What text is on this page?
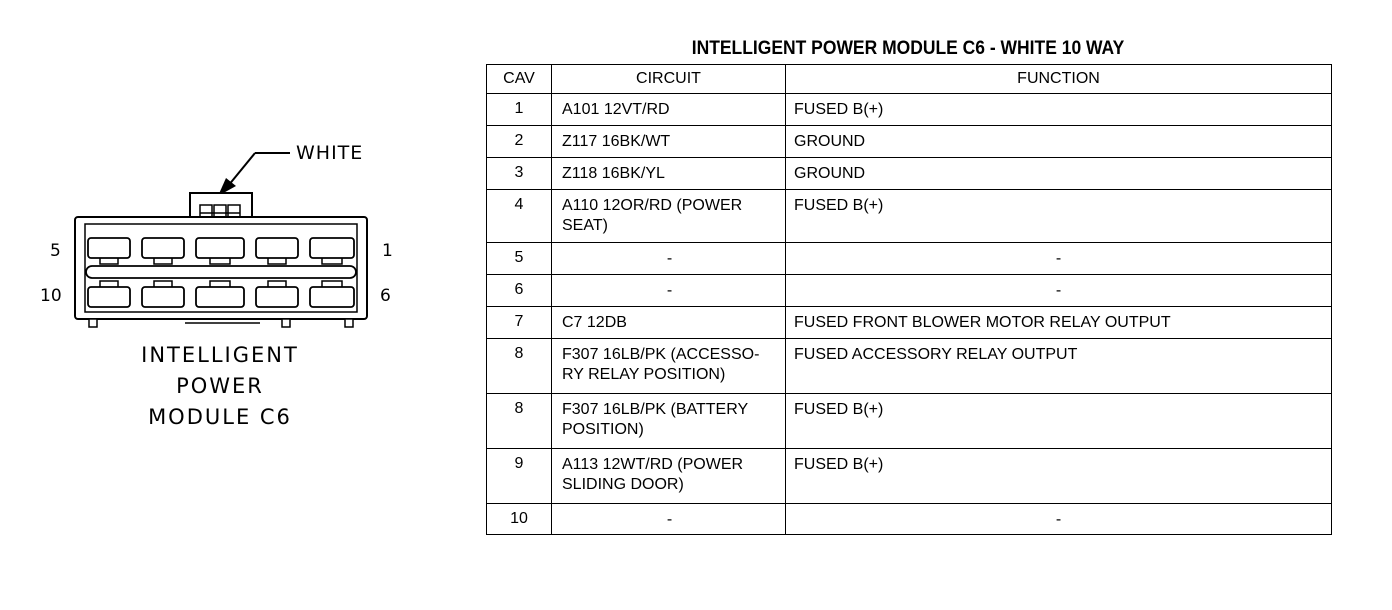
WHITE
5	1
10	6
INTELLIGENT
POWER
MODULE C6
INTELLIGENT POWER MODULE C6 - WHITE 10 WAY
CAV	CIRCUIT	FUNCTION
1	A101 12VT/RD	FUSED B(+)
2	Z117 16BK/WT	GROUND
3	Z118 16BK/YL	GROUND
4	A110 12OR/RD (POWER SEAT)	FUSED B(+)
5	-	-
6	-	-
7	C7 12DB	FUSED FRONT BLOWER MOTOR RELAY OUTPUT
8	F307 16LB/PK (ACCESSO-RY RELAY POSITION)	FUSED ACCESSORY RELAY OUTPUT
8	F307 16LB/PK (BATTERY POSITION)	FUSED B(+)
9	A113 12WT/RD (POWER SLIDING DOOR)	FUSED B(+)
10	-	-
